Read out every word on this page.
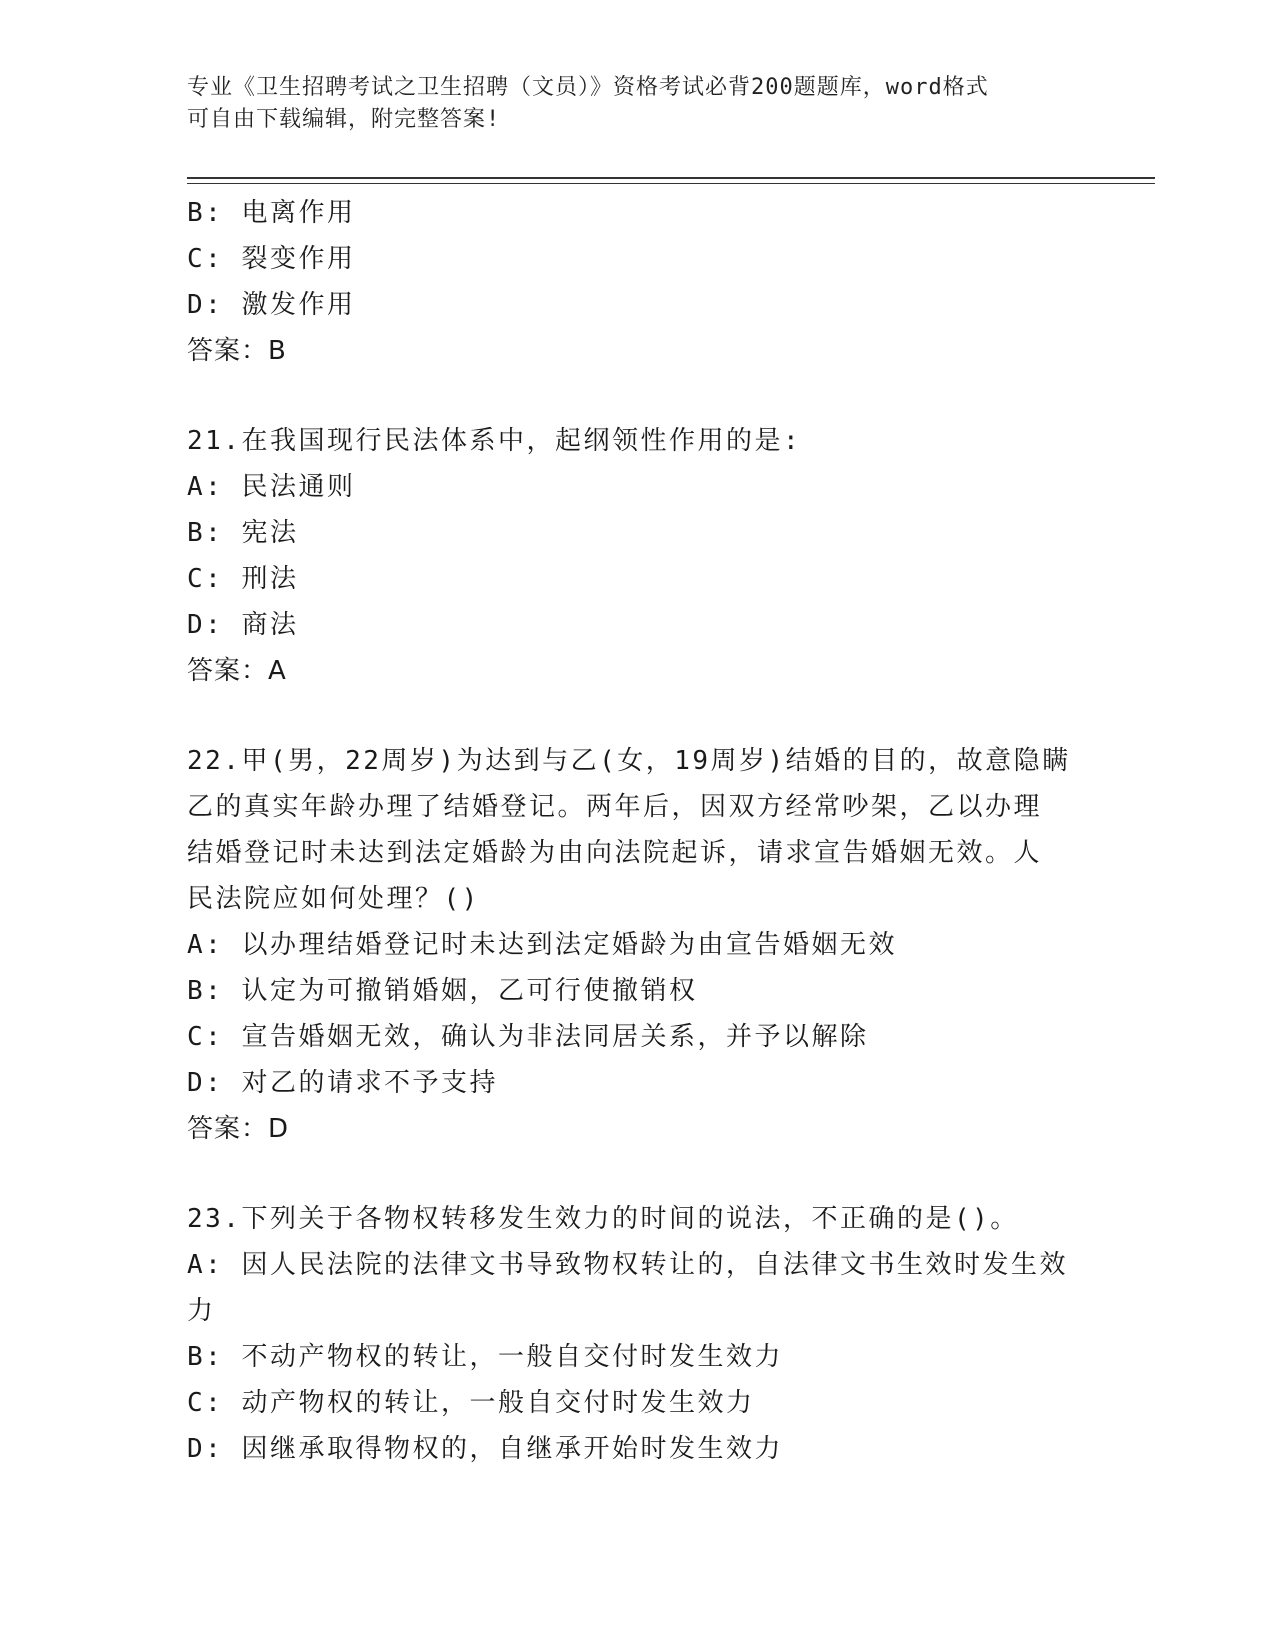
专业《卫生招聘考试之卫生招聘（文员）》资格考试必背200题题库，word格式
可自由下载编辑，附完整答案!
B: 电离作用
C: 裂变作用
D: 激发作用
答案：B
21.在我国现行民法体系中，起纲领性作用的是:
A: 民法通则
B: 宪法
C: 刑法
D: 商法
答案：A
22.甲(男，22周岁)为达到与乙(女，19周岁)结婚的目的，故意隐瞒
乙的真实年龄办理了结婚登记。两年后，因双方经常吵架，乙以办理
结婚登记时未达到法定婚龄为由向法院起诉，请求宣告婚姻无效。人
民法院应如何处理？()
A: 以办理结婚登记时未达到法定婚龄为由宣告婚姻无效
B: 认定为可撤销婚姻，乙可行使撤销权
C: 宣告婚姻无效，确认为非法同居关系，并予以解除
D: 对乙的请求不予支持
答案：D
23.下列关于各物权转移发生效力的时间的说法，不正确的是()。
A: 因人民法院的法律文书导致物权转让的，自法律文书生效时发生效
力
B: 不动产物权的转让，一般自交付时发生效力
C: 动产物权的转让，一般自交付时发生效力
D: 因继承取得物权的，自继承开始时发生效力
